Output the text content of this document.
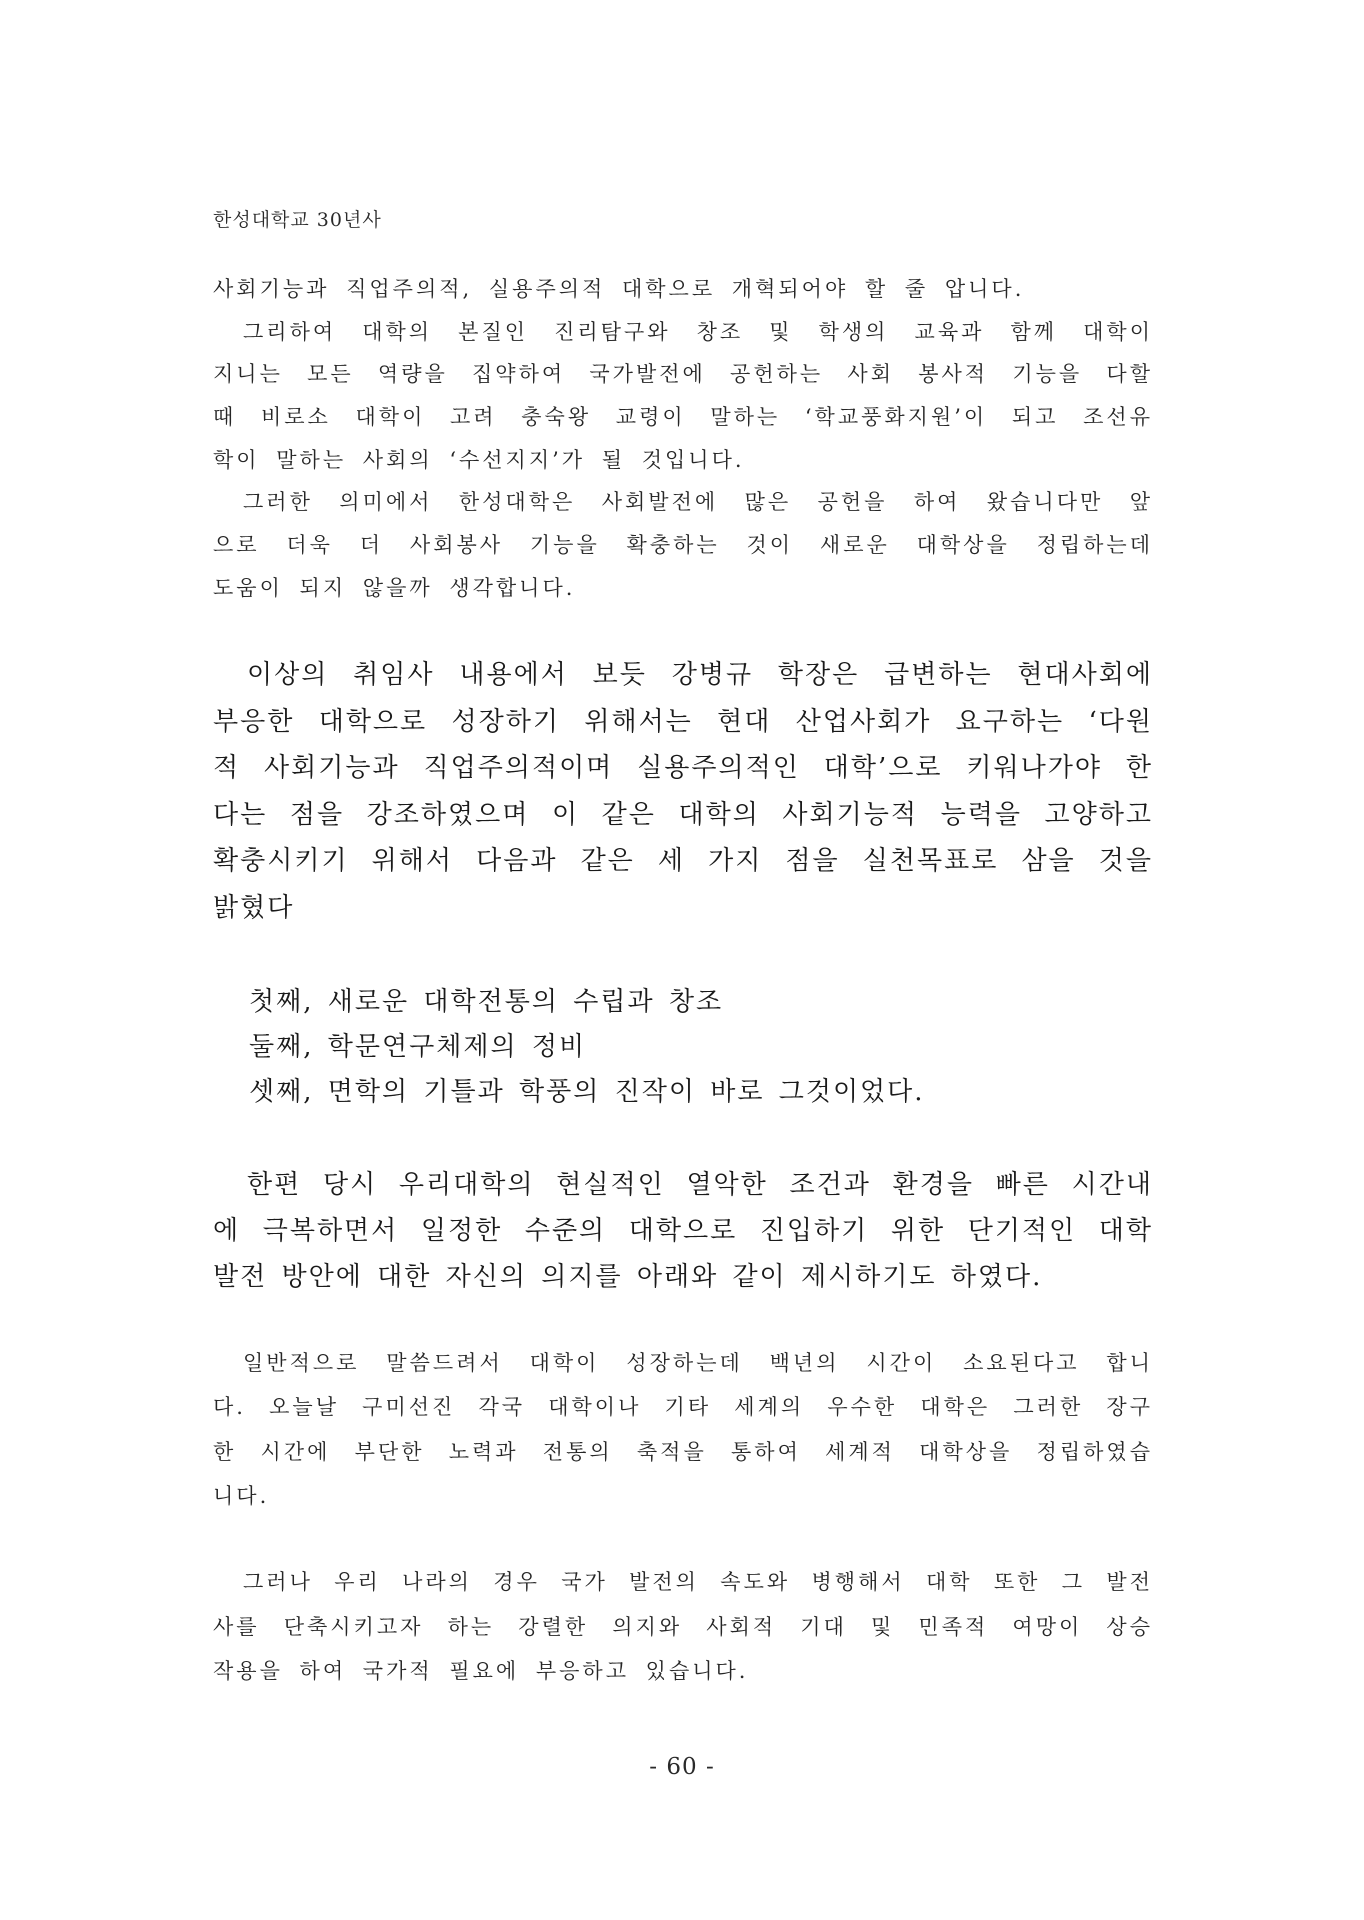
한성대학교 30년사
사회기능과 직업주의적, 실용주의적 대학으로 개혁되어야 할 줄 압니다.
그리하여 대학의 본질인 진리탐구와 창조 및 학생의 교육과 함께 대학이
지니는 모든 역량을 집약하여 국가발전에 공헌하는 사회 봉사적 기능을 다할
때 비로소 대학이 고려 충숙왕 교령이 말하는 ‘학교풍화지원’이 되고 조선유
학이 말하는 사회의 ‘수선지지’가 될 것입니다.
그러한 의미에서 한성대학은 사회발전에 많은 공헌을 하여 왔습니다만 앞
으로 더욱 더 사회봉사 기능을 확충하는 것이 새로운 대학상을 정립하는데
도움이 되지 않을까 생각합니다.
이상의 취임사 내용에서 보듯 강병규 학장은 급변하는 현대사회에
부응한 대학으로 성장하기 위해서는 현대 산업사회가 요구하는 ‘다원
적 사회기능과 직업주의적이며 실용주의적인 대학’으로 키워나가야 한
다는 점을 강조하였으며 이 같은 대학의 사회기능적 능력을 고양하고
확충시키기 위해서 다음과 같은 세 가지 점을 실천목표로 삼을 것을
밝혔다
첫째, 새로운 대학전통의 수립과 창조
둘째, 학문연구체제의 정비
셋째, 면학의 기틀과 학풍의 진작이 바로 그것이었다.
한편 당시 우리대학의 현실적인 열악한 조건과 환경을 빠른 시간내
에 극복하면서 일정한 수준의 대학으로 진입하기 위한 단기적인 대학
발전 방안에 대한 자신의 의지를 아래와 같이 제시하기도 하였다.
일반적으로 말씀드려서 대학이 성장하는데 백년의 시간이 소요된다고 합니
다. 오늘날 구미선진 각국 대학이나 기타 세계의 우수한 대학은 그러한 장구
한 시간에 부단한 노력과 전통의 축적을 통하여 세계적 대학상을 정립하였습
니다.
그러나 우리 나라의 경우 국가 발전의 속도와 병행해서 대학 또한 그 발전
사를 단축시키고자 하는 강렬한 의지와 사회적 기대 및 민족적 여망이 상승
작용을 하여 국가적 필요에 부응하고 있습니다.
- 60 -
